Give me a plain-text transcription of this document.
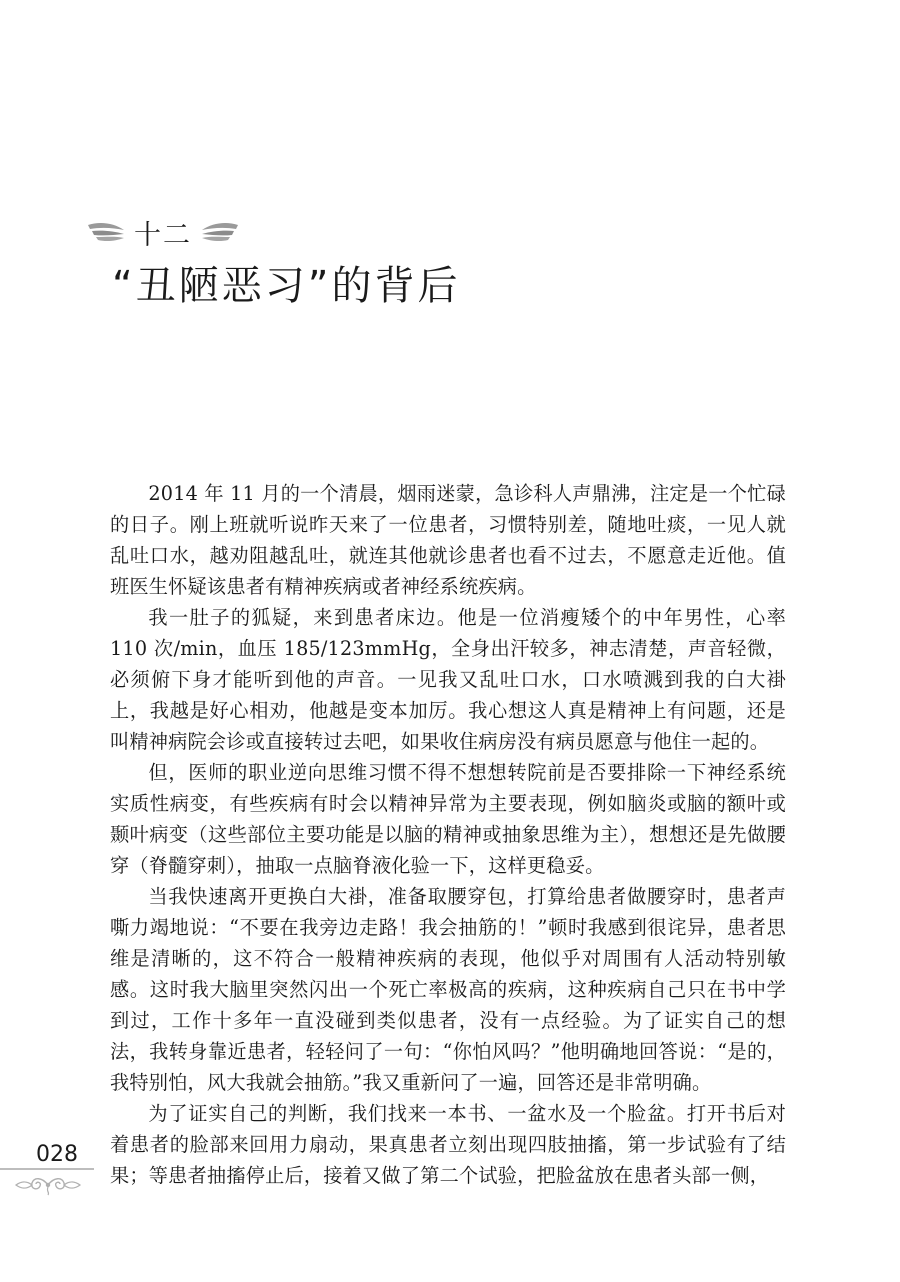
十二
“丑陋恶习”的背后

2014 年 11 月的一个清晨，烟雨迷蒙，急诊科人声鼎沸，注定是一个忙碌的日子。刚上班就听说昨天来了一位患者，习惯特别差，随地吐痰，一见人就乱吐口水，越劝阻越乱吐，就连其他就诊患者也看不过去，不愿意走近他。值班医生怀疑该患者有精神疾病或者神经系统疾病。

我一肚子的狐疑，来到患者床边。他是一位消瘦矮个的中年男性，心率 110 次/min，血压 185/123mmHg，全身出汗较多，神志清楚，声音轻微，必须俯下身才能听到他的声音。一见我又乱吐口水，口水喷溅到我的白大褂上，我越是好心相劝，他越是变本加厉。我心想这人真是精神上有问题，还是叫精神病院会诊或直接转过去吧，如果收住病房没有病员愿意与他住一起的。

但，医师的职业逆向思维习惯不得不想想转院前是否要排除一下神经系统实质性病变，有些疾病有时会以精神异常为主要表现，例如脑炎或脑的额叶或颞叶病变（这些部位主要功能是以脑的精神或抽象思维为主），想想还是先做腰穿（脊髓穿刺），抽取一点脑脊液化验一下，这样更稳妥。

当我快速离开更换白大褂，准备取腰穿包，打算给患者做腰穿时，患者声嘶力竭地说：“不要在我旁边走路！我会抽筋的！”顿时我感到很诧异，患者思维是清晰的，这不符合一般精神疾病的表现，他似乎对周围有人活动特别敏感。这时我大脑里突然闪出一个死亡率极高的疾病，这种疾病自己只在书中学到过，工作十多年一直没碰到类似患者，没有一点经验。为了证实自己的想法，我转身靠近患者，轻轻问了一句：“你怕风吗？”他明确地回答说：“是的，我特别怕，风大我就会抽筋。”我又重新问了一遍，回答还是非常明确。

为了证实自己的判断，我们找来一本书、一盆水及一个脸盆。打开书后对着患者的脸部来回用力扇动，果真患者立刻出现四肢抽搐，第一步试验有了结果；等患者抽搐停止后，接着又做了第二个试验，把脸盆放在患者头部一侧，

028
